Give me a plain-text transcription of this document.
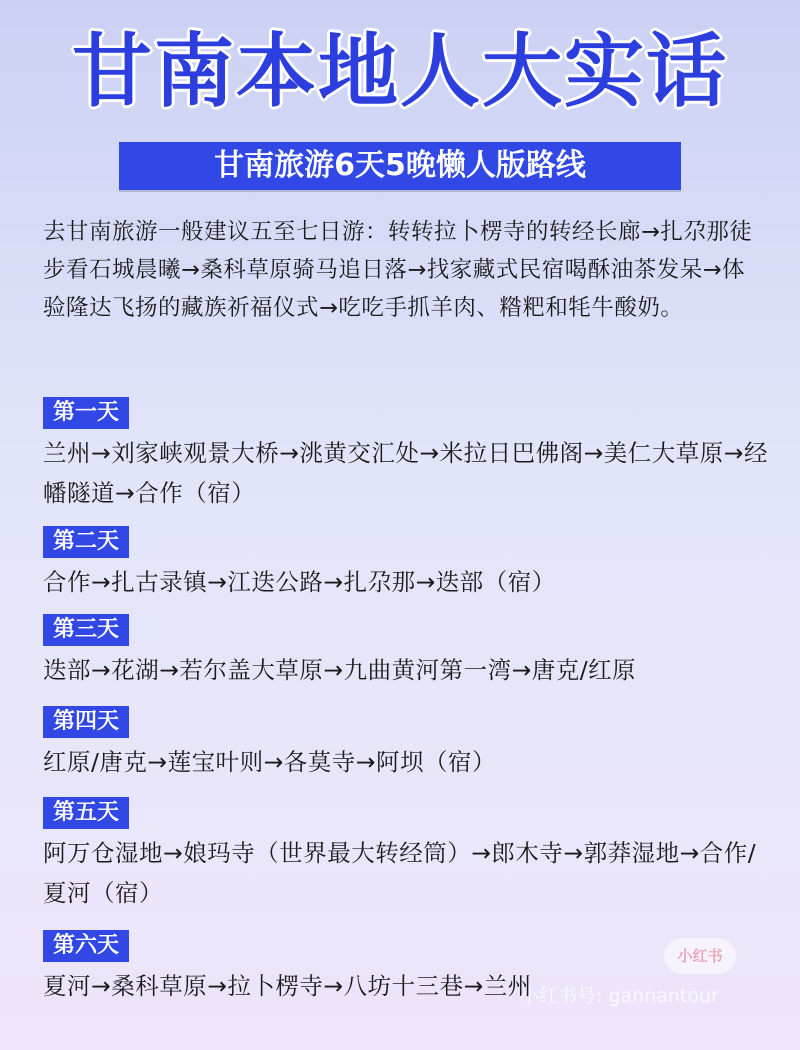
甘南本地人大实话
甘南旅游6天5晚懒人版路线
去甘南旅游一般建议五至七日游：转转拉卜楞寺的转经长廊→扎尕那徒步看石城晨曦→桑科草原骑马追日落→找家藏式民宿喝酥油茶发呆→体验隆达飞扬的藏族祈福仪式→吃吃手抓羊肉、糌粑和牦牛酸奶。
第一天
兰州→刘家峡观景大桥→洮黄交汇处→米拉日巴佛阁→美仁大草原→经幡隧道→合作（宿）
第二天
合作→扎古录镇→江迭公路→扎尕那→迭部（宿）
第三天
迭部→花湖→若尔盖大草原→九曲黄河第一湾→唐克/红原
第四天
红原/唐克→莲宝叶则→各莫寺→阿坝（宿）
第五天
阿万仓湿地→娘玛寺（世界最大转经筒）→郎木寺→郭莽湿地→合作/夏河（宿）
第六天
夏河→桑科草原→拉卜楞寺→八坊十三巷→兰州
小红书
小红书号: gannantour
